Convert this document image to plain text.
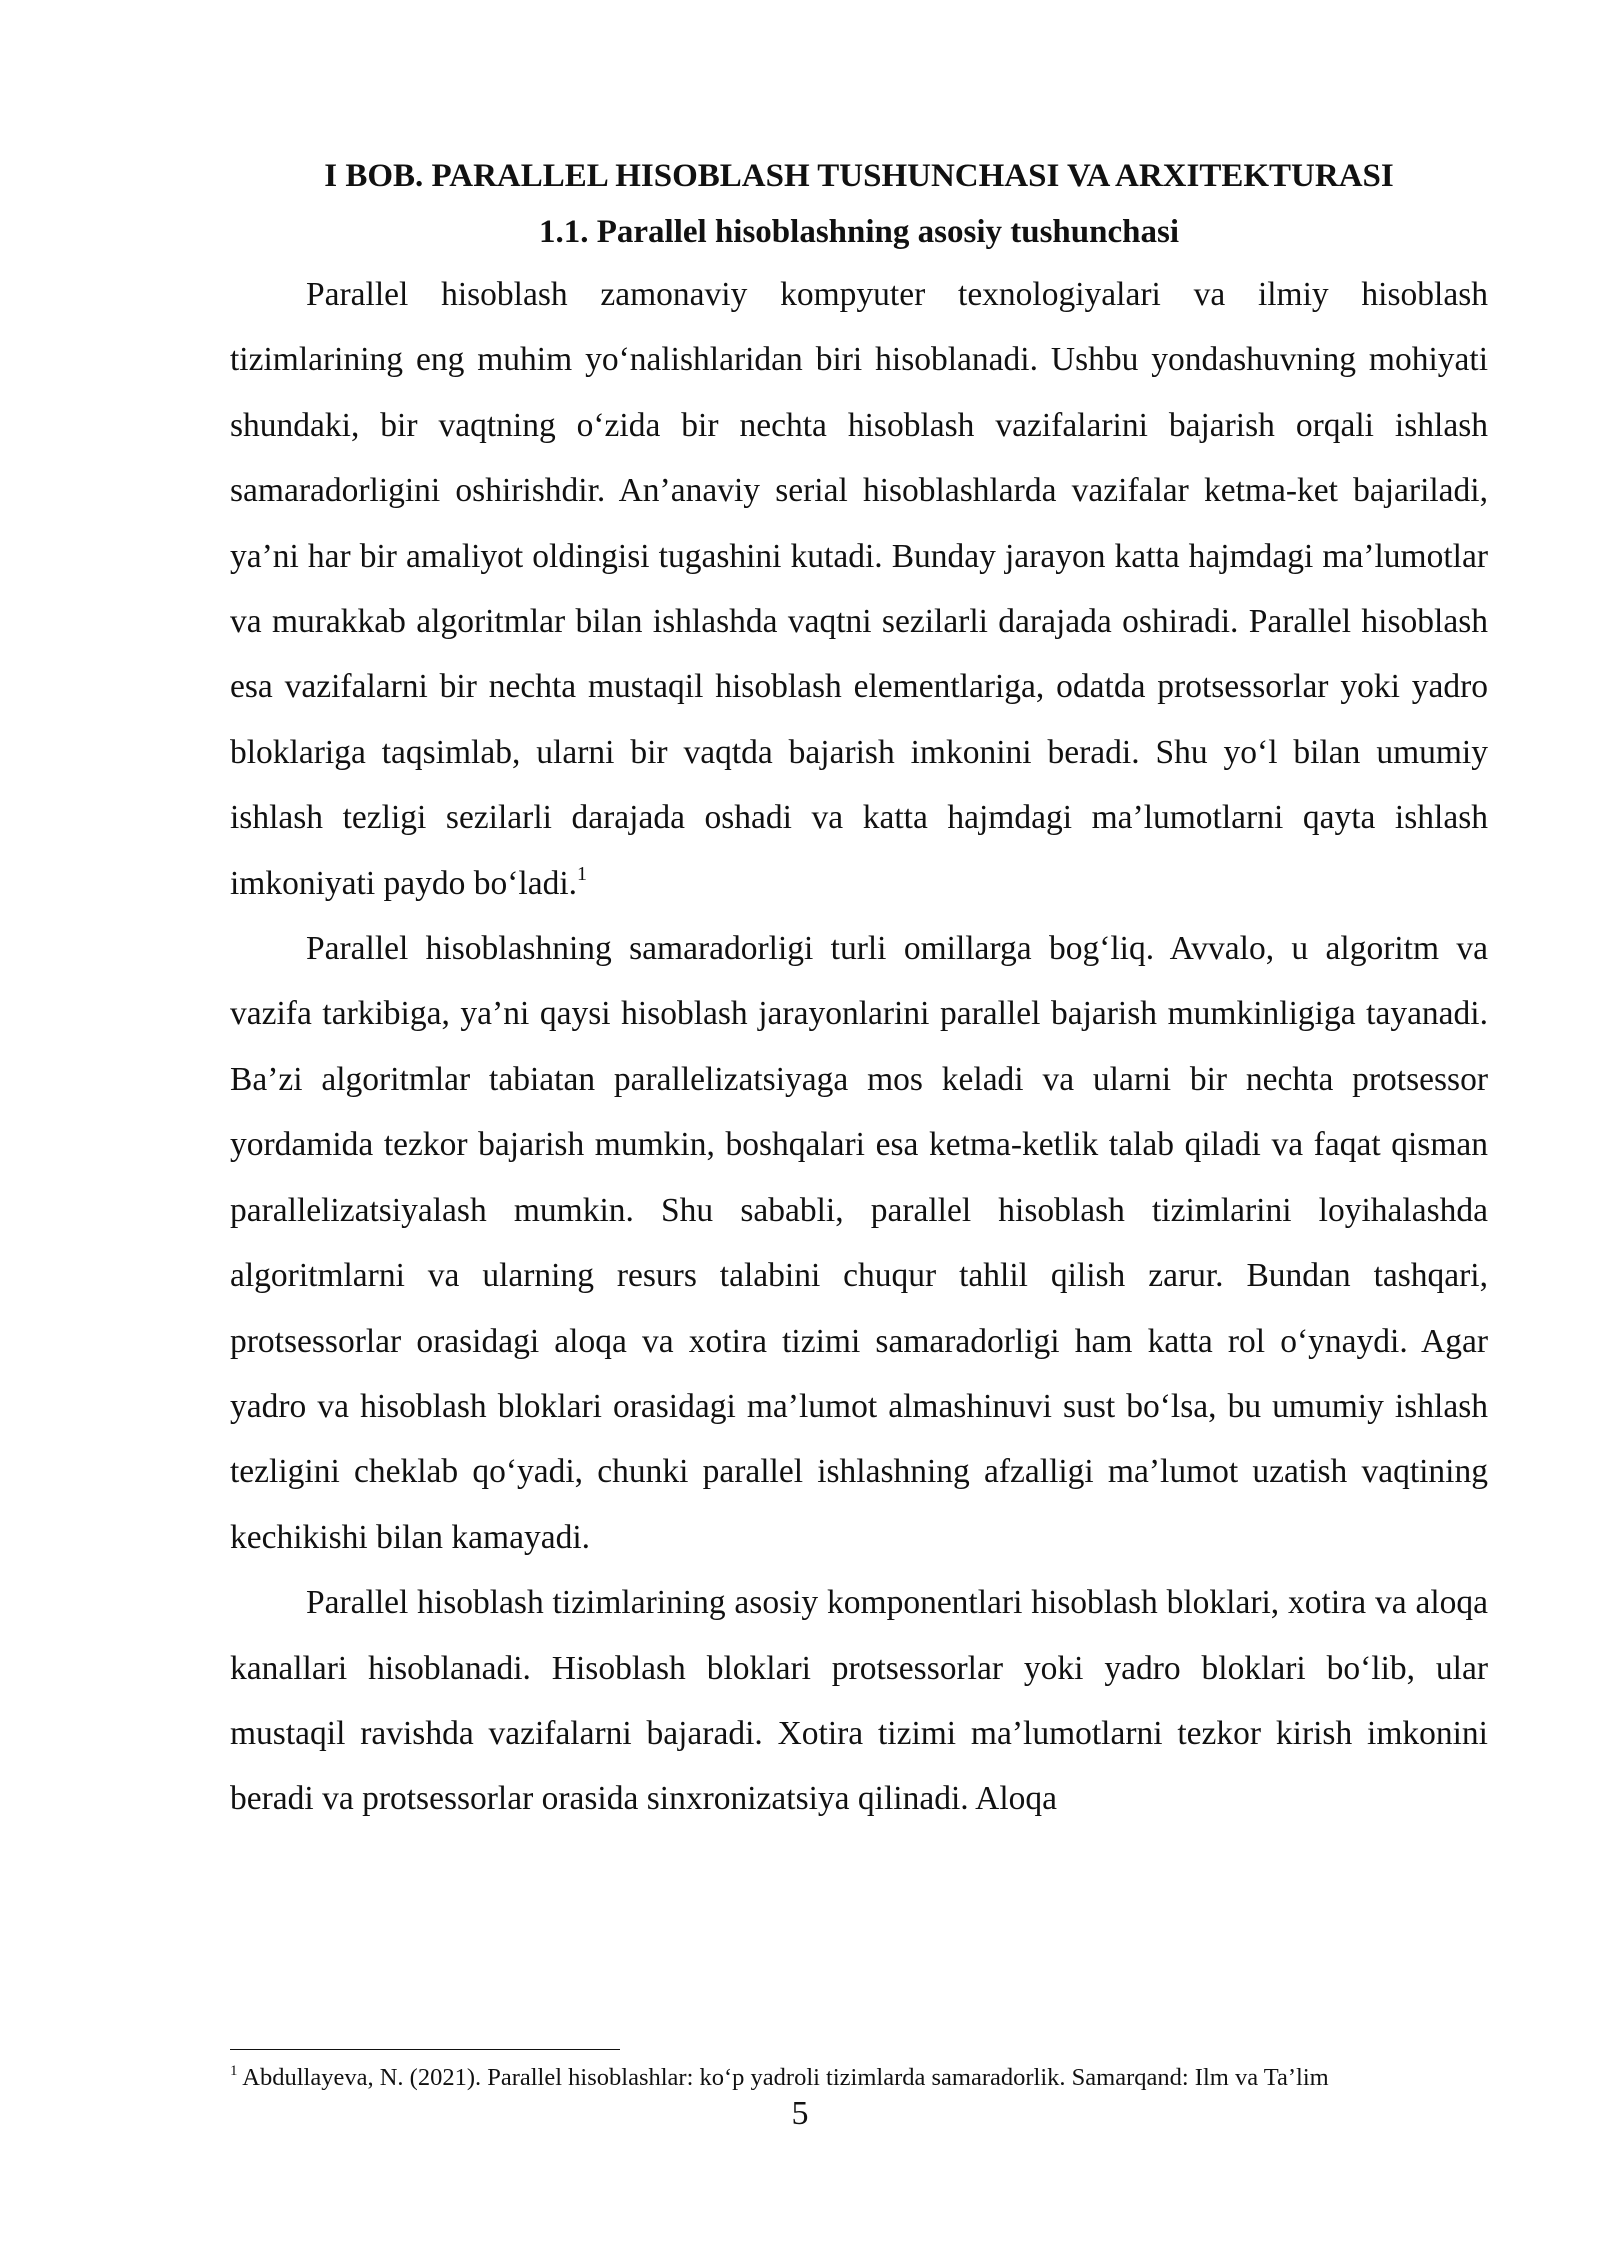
I BOB. PARALLEL HISOBLASH TUSHUNCHASI VA ARXITEKTURASI
1.1. Parallel hisoblashning asosiy tushunchasi

Parallel hisoblash zamonaviy kompyuter texnologiyalari va ilmiy hisoblash tizimlarining eng muhim yo‘nalishlaridan biri hisoblanadi. Ushbu yondashuvning mohiyati shundaki, bir vaqtning o‘zida bir nechta hisoblash vazifalarini bajarish orqali ishlash samaradorligini oshirishdir. An’anaviy serial hisoblashlarda vazifalar ketma-ket bajariladi, ya’ni har bir amaliyot oldingisi tugashini kutadi. Bunday jarayon katta hajmdagi ma’lumotlar va murakkab algoritmlar bilan ishlashda vaqtni sezilarli darajada oshiradi. Parallel hisoblash esa vazifalarni bir nechta mustaqil hisoblash elementlariga, odatda protsessorlar yoki yadro bloklariga taqsimlab, ularni bir vaqtda bajarish imkonini beradi. Shu yo‘l bilan umumiy ishlash tezligi sezilarli darajada oshadi va katta hajmdagi ma’lumotlarni qayta ishlash imkoniyati paydo bo‘ladi.$^1$

Parallel hisoblashning samaradorligi turli omillarga bog‘liq. Avvalo, u algoritm va vazifa tarkibiga, ya’ni qaysi hisoblash jarayonlarini parallel bajarish mumkinligiga tayanadi. Ba’zi algoritmlar tabiatan parallelizatsiyaga mos keladi va ularni bir nechta protsessor yordamida tezkor bajarish mumkin, boshqalari esa ketma-ketlik talab qiladi va faqat qisman parallelizatsiyalash mumkin. Shu sababli, parallel hisoblash tizimlarini loyihalashda algoritmlarni va ularning resurs talabini chuqur tahlil qilish zarur. Bundan tashqari, protsessorlar orasidagi aloqa va xotira tizimi samaradorligi ham katta rol o‘ynaydi. Agar yadro va hisoblash bloklari orasidagi ma’lumot almashinuvi sust bo‘lsa, bu umumiy ishlash tezligini cheklab qo‘yadi, chunki parallel ishlashning afzalligi ma’lumot uzatish vaqtining kechikishi bilan kamayadi.

Parallel hisoblash tizimlarining asosiy komponentlari hisoblash bloklari, xotira va aloqa kanallari hisoblanadi. Hisoblash bloklari protsessorlar yoki yadro bloklari bo‘lib, ular mustaqil ravishda vazifalarni bajaradi. Xotira tizimi ma’lumotlarni tezkor kirish imkonini beradi va protsessorlar orasida sinxronizatsiya qilinadi. Aloqa

$^1$ Abdullayeva, N. (2021). Parallel hisoblashlar: ko‘p yadroli tizimlarda samaradorlik. Samarqand: Ilm va Ta’lim
5
